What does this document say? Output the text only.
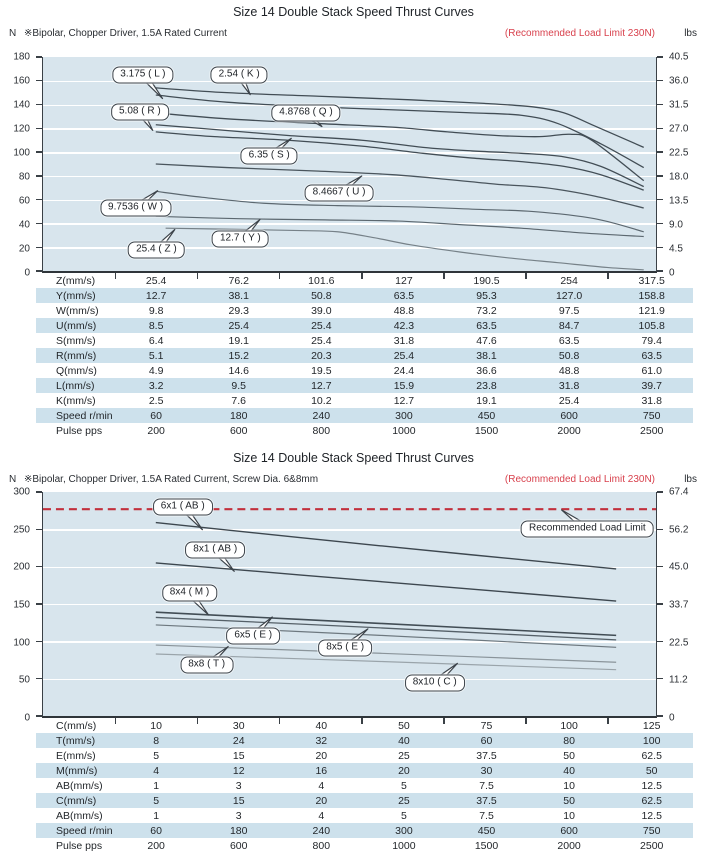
Size 14 Double Stack Speed Thrust Curves
N ※Bipolar, Chopper Driver, 1.5A Rated Current	(Recommended Load Limit 230N)	lbs
180
160
140
120
100
80
60
40
20
0
3.175 ( L )	2.54 ( K )
5.08 ( R )	4.8768 ( Q )
6.35 ( S )
8.4667 ( U )
9.7536 ( W )
25.4 ( Z )
12.7 ( Y )
40.5
36.0
31.5
27.0
22.5
18.0
13.5
9.0
4.5
0
Z(mm/s)	25.4	76.2	101.6	127	190.5	254	317.5
Y(mm/s)	12.7	38.1	50.8	63.5	95.3	127.0	158.8
W(mm/s)	9.8	29.3	39.0	48.8	73.2	97.5	121.9
U(mm/s)	8.5	25.4	25.4	42.3	63.5	84.7	105.8
S(mm/s)	6.4	19.1	25.4	31.8	47.6	63.5	79.4
R(mm/s)	5.1	15.2	20.3	25.4	38.1	50.8	63.5
Q(mm/s)	4.9	14.6	19.5	24.4	36.6	48.8	61.0
L(mm/s)	3.2	9.5	12.7	15.9	23.8	31.8	39.7
K(mm/s)	2.5	7.6	10.2	12.7	19.1	25.4	31.8
Speed r/min	60	180	240	300	450	600	750
Pulse pps	200	600	800	1000	1500	2000	2500
Size 14 Double Stack Speed Thrust Curves
N ※Bipolar, Chopper Driver, 1.5A Rated Current, Screw Dia. 6&8mm	(Recommended Load Limit 230N)	lbs
300
250
200
150
100
50
0
6x1 ( AB )
8x1 ( AB )
8x4 ( M )
6x5 ( E )
8x5 ( E )
8x8 ( T )
8x10 ( C )
Recommended Load Limit
67.4
56.2
45.0
33.7
22.5
11.2
0
C(mm/s)	10	30	40	50	75	100	125
T(mm/s)	8	24	32	40	60	80	100
E(mm/s)	5	15	20	25	37.5	50	62.5
M(mm/s)	4	12	16	20	30	40	50
AB(mm/s)	1	3	4	5	7.5	10	12.5
C(mm/s)	5	15	20	25	37.5	50	62.5
AB(mm/s)	1	3	4	5	7.5	10	12.5
Speed r/min	60	180	240	300	450	600	750
Pulse pps	200	600	800	1000	1500	2000	2500
